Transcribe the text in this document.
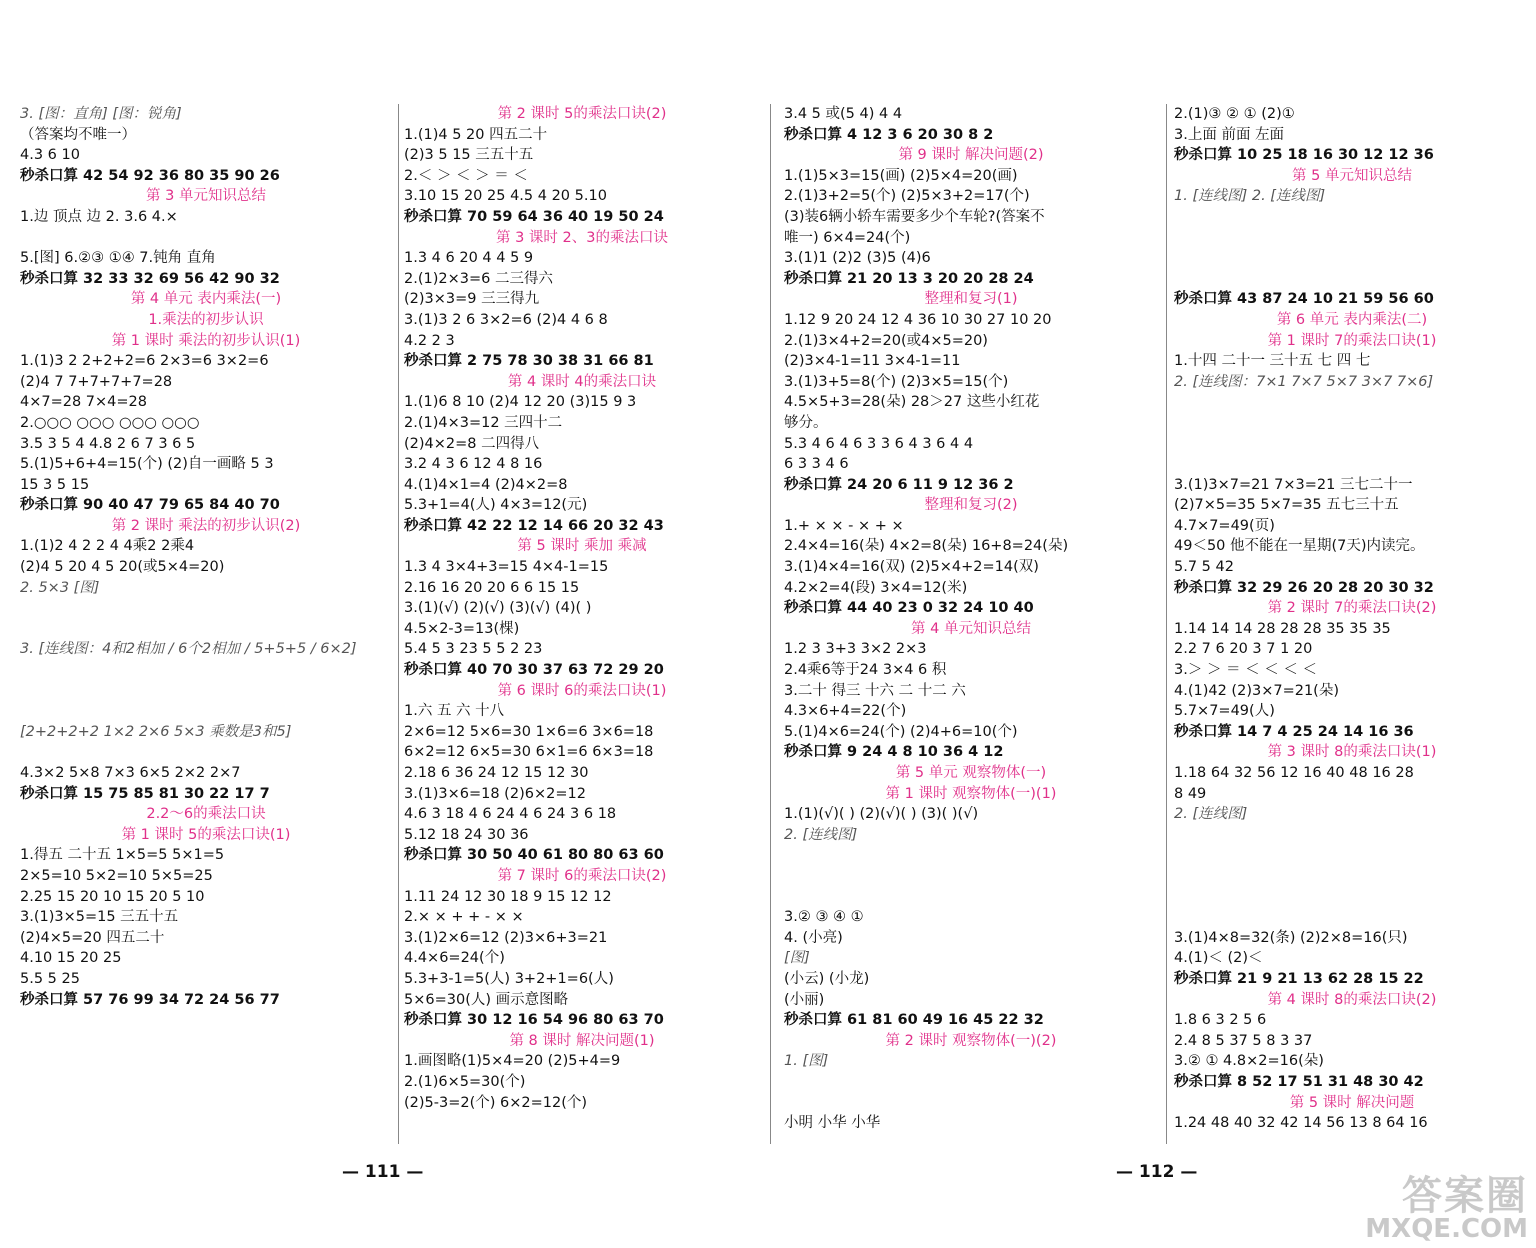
3. [图：直角] [图：锐角]
（答案均不唯一）
4.3 6 10
秒杀口算 42 54 92 36 80 35 90 26
第 3 单元知识总结
1.边 顶点 边 2. 3.6 4.×
5.[图] 6.②③ ①④ 7.钝角 直角
秒杀口算 32 33 32 69 56 42 90 32
第 4 单元 表内乘法(一)
1.乘法的初步认识
第 1 课时 乘法的初步认识(1)
1.(1)3 2 2+2+2=6 2×3=6 3×2=6
(2)4 7 7+7+7+7=28
4×7=28 7×4=28
2.○○○ ○○○ ○○○ ○○○
3.5 3 5 4 4.8 2 6 7 3 6 5
5.(1)5+6+4=15(个) (2)自一画略 5 3
15 3 5 15
秒杀口算 90 40 47 79 65 84 40 70
第 2 课时 乘法的初步认识(2)
1.(1)2 4 2 2 4 4乘2 2乘4
(2)4 5 20 4 5 20(或5×4=20)
2. 5×3 [图]
3. [连线图：4和2相加 / 6个2相加 / 5+5+5 / 6×2]
[2+2+2+2 1×2 2×6 5×3 乘数是3和5]
4.3×2 5×8 7×3 6×5 2×2 2×7
秒杀口算 15 75 85 81 30 22 17 7
2.2～6的乘法口诀
第 1 课时 5的乘法口诀(1)
1.得五 二十五 1×5=5 5×1=5
2×5=10 5×2=10 5×5=25
2.25 15 20 10 15 20 5 10
3.(1)3×5=15 三五十五
(2)4×5=20 四五二十
4.10 15 20 25
5.5 5 25
秒杀口算 57 76 99 34 72 24 56 77
第 2 课时 5的乘法口诀(2)
1.(1)4 5 20 四五二十
(2)3 5 15 三五十五
2.＜ ＞ ＜ ＞ ＝ ＜
3.10 15 20 25 4.5 4 20 5.10
秒杀口算 70 59 64 36 40 19 50 24
第 3 课时 2、3的乘法口诀
1.3 4 6 20 4 4 5 9
2.(1)2×3=6 二三得六
(2)3×3=9 三三得九
3.(1)3 2 6 3×2=6 (2)4 4 6 8
4.2 2 3
秒杀口算 2 75 78 30 38 31 66 81
第 4 课时 4的乘法口诀
1.(1)6 8 10 (2)4 12 20 (3)15 9 3
2.(1)4×3=12 三四十二
(2)4×2=8 二四得八
3.2 4 3 6 12 4 8 16
4.(1)4×1=4 (2)4×2=8
5.3+1=4(人) 4×3=12(元)
秒杀口算 42 22 12 14 66 20 32 43
第 5 课时 乘加 乘减
1.3 4 3×4+3=15 4×4-1=15
2.16 16 20 20 6 6 15 15
3.(1)(√) (2)(√) (3)(√) (4)( )
4.5×2-3=13(棵)
5.4 5 3 23 5 5 2 23
秒杀口算 40 70 30 37 63 72 29 20
第 6 课时 6的乘法口诀(1)
1.六 五 六 十八
2×6=12 5×6=30 1×6=6 3×6=18
6×2=12 6×5=30 6×1=6 6×3=18
2.18 6 36 24 12 15 12 30
3.(1)3×6=18 (2)6×2=12
4.6 3 18 4 6 24 4 6 24 3 6 18
5.12 18 24 30 36
秒杀口算 30 50 40 61 80 80 63 60
第 7 课时 6的乘法口诀(2)
1.11 24 12 30 18 9 15 12 12
2.× × + + - × ×
3.(1)2×6=12 (2)3×6+3=21
4.4×6=24(个)
5.3+3-1=5(人) 3+2+1=6(人)
5×6=30(人) 画示意图略
秒杀口算 30 12 16 54 96 80 63 70
第 8 课时 解决问题(1)
1.画图略(1)5×4=20 (2)5+4=9
2.(1)6×5=30(个)
(2)5-3=2(个) 6×2=12(个)
3.4 5 或(5 4) 4 4
秒杀口算 4 12 3 6 20 30 8 2
第 9 课时 解决问题(2)
1.(1)5×3=15(画) (2)5×4=20(画)
2.(1)3+2=5(个) (2)5×3+2=17(个)
(3)装6辆小轿车需要多少个车轮?(答案不
唯一) 6×4=24(个)
3.(1)1 (2)2 (3)5 (4)6
秒杀口算 21 20 13 3 20 20 28 24
整理和复习(1)
1.12 9 20 24 12 4 36 10 30 27 10 20
2.(1)3×4+2=20(或4×5=20)
(2)3×4-1=11 3×4-1=11
3.(1)3+5=8(个) (2)3×5=15(个)
4.5×5+3=28(朵) 28＞27 这些小红花
够分。
5.3 4 6 4 6 3 3 6 4 3 6 4 4
6 3 3 4 6
秒杀口算 24 20 6 11 9 12 36 2
整理和复习(2)
1.+ × × - × + ×
2.4×4=16(朵) 4×2=8(朵) 16+8=24(朵)
3.(1)4×4=16(双) (2)5×4+2=14(双)
4.2×2=4(段) 3×4=12(米)
秒杀口算 44 40 23 0 32 24 10 40
第 4 单元知识总结
1.2 3 3+3 3×2 2×3
2.4乘6等于24 3×4 6 积
3.二十 得三 十六 二 十二 六
4.3×6+4=22(个)
5.(1)4×6=24(个) (2)4+6=10(个)
秒杀口算 9 24 4 8 10 36 4 12
第 5 单元 观察物体(一)
第 1 课时 观察物体(一)(1)
1.(1)(√)( ) (2)(√)( ) (3)( )(√)
2. [连线图]
3.② ③ ④ ①
4. (小亮)
[图]
(小云) (小龙)
(小丽)
秒杀口算 61 81 60 49 16 45 22 32
第 2 课时 观察物体(一)(2)
1. [图]
小明 小华 小华
2.(1)③ ② ① (2)①
3.上面 前面 左面
秒杀口算 10 25 18 16 30 12 12 36
第 5 单元知识总结
1. [连线图] 2. [连线图]
秒杀口算 43 87 24 10 21 59 56 60
第 6 单元 表内乘法(二)
第 1 课时 7的乘法口诀(1)
1.十四 二十一 三十五 七 四 七
2. [连线图：7×1 7×7 5×7 3×7 7×6]
3.(1)3×7=21 7×3=21 三七二十一
(2)7×5=35 5×7=35 五七三十五
4.7×7=49(页)
49＜50 他不能在一星期(7天)内读完。
5.7 5 42
秒杀口算 32 29 26 20 28 20 30 32
第 2 课时 7的乘法口诀(2)
1.14 14 14 28 28 28 35 35 35
2.2 7 6 20 3 7 1 20
3.＞ ＞ ＝ ＜ ＜ ＜ ＜
4.(1)42 (2)3×7=21(朵)
5.7×7=49(人)
秒杀口算 14 7 4 25 24 14 16 36
第 3 课时 8的乘法口诀(1)
1.18 64 32 56 12 16 40 48 16 28
8 49
2. [连线图]
3.(1)4×8=32(条) (2)2×8=16(只)
4.(1)＜ (2)＜
秒杀口算 21 9 21 13 62 28 15 22
第 4 课时 8的乘法口诀(2)
1.8 6 3 2 5 6
2.4 8 5 37 5 8 3 37
3.② ① 4.8×2=16(朵)
秒杀口算 8 52 17 51 31 48 30 42
第 5 课时 解决问题
1.24 48 40 32 42 14 56 13 8 64 16
— 111 —	— 112 —
答案圈
MXQE.COM
